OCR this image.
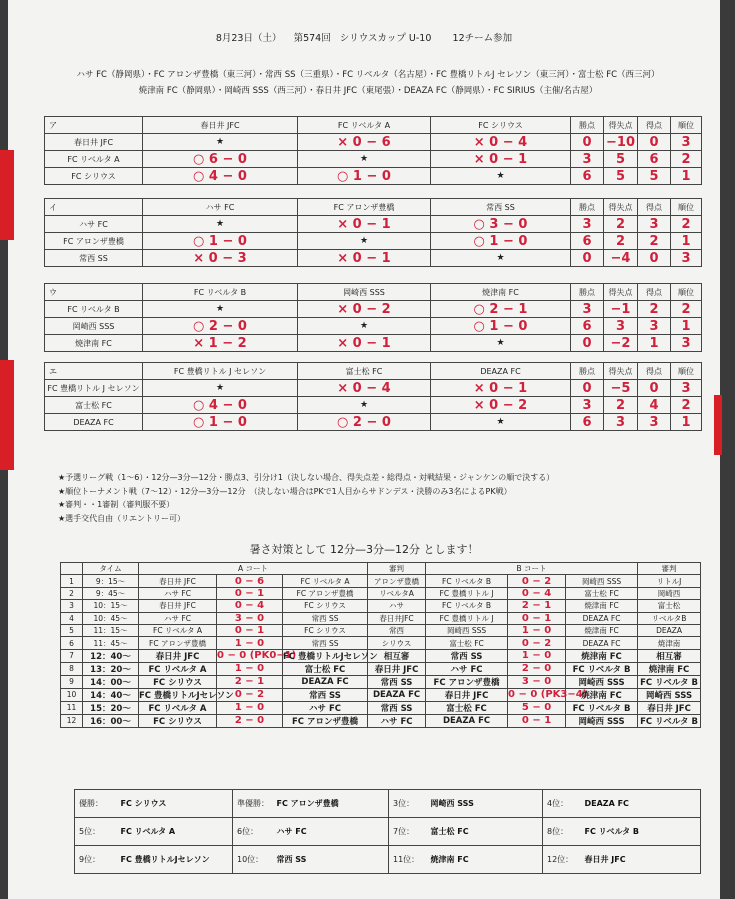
8月23日（土） 第574回 シリウスカップ U-10 12チーム参加
ハサ FC（静岡県）・FC アロンザ豊橋（東三河）・常西 SS（三重県）・FC リベルタ（名古屋）・FC 豊橋リトルJ セレソン（東三河）・富士松 FC（西三河）
焼津南 FC（静岡県）・岡崎西 SSS（西三河）・春日井 JFC（東尾張）・DEAZA FC（静岡県）・FC SIRIUS（主催/名古屋）
ア	春日井 JFC	FC リベルタ A	FC シリウス	勝点	得失点	得点	順位
春日井 JFC	★	× 0 − 6	× 0 − 4	0	−10	0	3
FC リベルタ A	○ 6 − 0	★	× 0 − 1	3	5	6	2
FC シリウス	○ 4 − 0	○ 1 − 0	★	6	5	5	1
イ	ハサ FC	FC アロンザ豊橋	常西 SS	勝点	得失点	得点	順位
ハサ FC	★	× 0 − 1	○ 3 − 0	3	2	3	2
FC アロンザ豊橋	○ 1 − 0	★	○ 1 − 0	6	2	2	1
常西 SS	× 0 − 3	× 0 − 1	★	0	−4	0	3
ウ	FC リベルタ B	岡崎西 SSS	焼津南 FC	勝点	得失点	得点	順位
FC リベルタ B	★	× 0 − 2	○ 2 − 1	3	−1	2	2
岡崎西 SSS	○ 2 − 0	★	○ 1 − 0	6	3	3	1
焼津南 FC	× 1 − 2	× 0 − 1	★	0	−2	1	3
エ	FC 豊橋リトル J セレソン	富士松 FC	DEAZA FC	勝点	得失点	得点	順位
FC 豊橋リトル J セレソン	★	× 0 − 4	× 0 − 1	0	−5	0	3
富士松 FC	○ 4 − 0	★	× 0 − 2	3	2	4	2
DEAZA FC	○ 1 − 0	○ 2 − 0	★	6	3	3	1
★予選リーグ戦（1〜6）・12分—3分—12分・勝点3、引分け1（決しない場合、得失点差・総得点・対戦結果・ジャンケンの順で決する）
★順位トーナメント戦（7〜12）・12分—3分—12分　（決しない場合はPKで1人目からサドンデス・決勝のみ3名によるPK戦）
★審判・・1審制（審判服不要）
★選手交代自由（リエントリー可）
暑さ対策として 12分—3分—12分 とします！
	タイム	A コート			審判	B コート			審判
1	9：15〜	春日井 JFC	0 − 6	FC リベルタ A	アロンザ豊橋	FC リベルタ B	0 − 2	岡崎西 SSS	リトルJ
2	9：45〜	ハサ FC	0 − 1	FC アロンザ豊橋	リベルタA	FC 豊橋リトル J	0 − 4	富士松 FC	岡崎西
3	10：15〜	春日井 JFC	0 − 4	FC シリウス	ハサ	FC リベルタ B	2 − 1	焼津南 FC	富士松
4	10：45〜	ハサ FC	3 − 0	常西 SS	春日井JFC	FC 豊橋リトル J	0 − 1	DEAZA FC	リベルタB
5	11：15〜	FC リベルタ A	0 − 1	FC シリウス	常西	岡崎西 SSS	1 − 0	焼津南 FC	DEAZA
6	11：45〜	FC アロンザ豊橋	1 − 0	常西 SS	シリウス	富士松 FC	0 − 2	DEAZA FC	焼津南
7	12：40〜	春日井 JFC	0 − 0 (PK0−1)	FC 豊橋リトルJセレソン	相互審	常西 SS	1 − 0	焼津南 FC	相互審
8	13：20〜	FC リベルタ A	1 − 0	富士松 FC	春日井 JFC	ハサ FC	2 − 0	FC リベルタ B	焼津南 FC
9	14：00〜	FC シリウス	2 − 1	DEAZA FC	常西 SS	FC アロンザ豊橋	3 − 0	岡崎西 SSS	FC リベルタ B
10	14：40〜	FC 豊橋リトルJセレソン	0 − 2	常西 SS	DEAZA FC	春日井 JFC	0 − 0 (PK3−4)	焼津南 FC	岡崎西 SSS
11	15：20〜	FC リベルタ A	1 − 0	ハサ FC	常西 SS	富士松 FC	5 − 0	FC リベルタ B	春日井 JFC
12	16：00〜	FC シリウス	2 − 0	FC アロンザ豊橋	ハサ FC	DEAZA FC	0 − 1	岡崎西 SSS	FC リベルタ B
優勝：	FC シリウス	準優勝：	FC アロンザ豊橋	3位：	岡崎西 SSS	4位：	DEAZA FC
5位：	FC リベルタ A	6位：	ハサ FC	7位：	富士松 FC	8位：	FC リベルタ B
9位：	FC 豊橋リトルJセレソン	10位：	常西 SS	11位：	焼津南 FC	12位：	春日井 JFC
